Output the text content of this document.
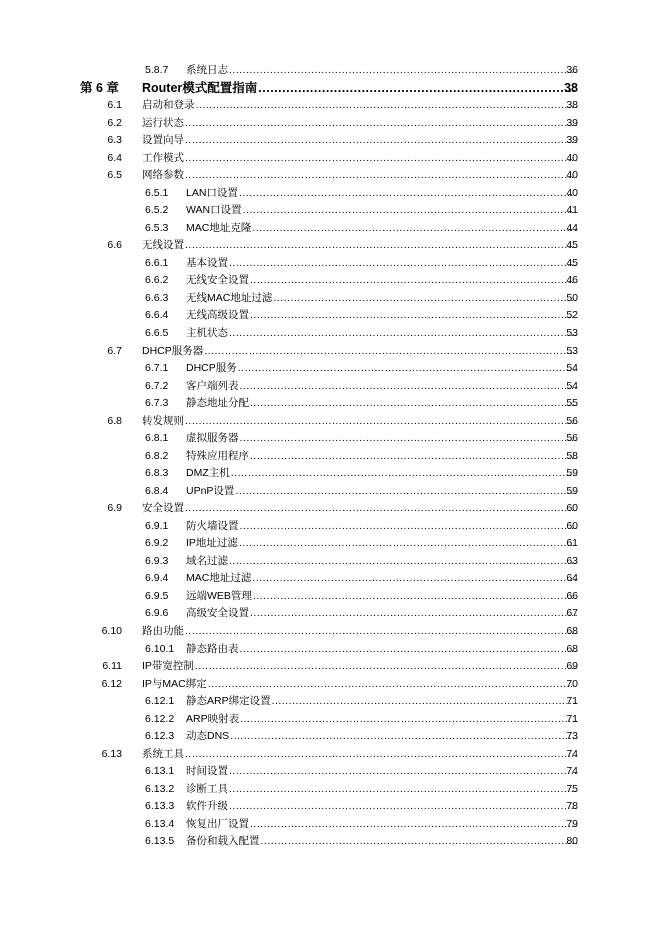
5.8.7 系统日志 .....	36
第 6 章	Router模式配置指南 .....	38
6.1 启动和登录 .....	38
6.2 运行状态 .....	39
6.3 设置向导 .....	39
6.4 工作模式 .....	40
6.5 网络参数 .....	40
6.5.1 LAN口设置 .....	40
6.5.2 WAN口设置 .....	41
6.5.3 MAC地址克隆 .....	44
6.6 无线设置 .....	45
6.6.1 基本设置 .....	45
6.6.2 无线安全设置 .....	46
6.6.3 无线MAC地址过滤 .....	50
6.6.4 无线高级设置 .....	52
6.6.5 主机状态 .....	53
6.7 DHCP服务器 .....	53
6.7.1 DHCP服务 .....	54
6.7.2 客户端列表 .....	54
6.7.3 静态地址分配 .....	55
6.8 转发规则 .....	56
6.8.1 虚拟服务器 .....	56
6.8.2 特殊应用程序 .....	58
6.8.3 DMZ主机 .....	59
6.8.4 UPnP设置 .....	59
6.9 安全设置 .....	60
6.9.1 防火墙设置 .....	60
6.9.2 IP地址过滤 .....	61
6.9.3 域名过滤 .....	63
6.9.4 MAC地址过滤 .....	64
6.9.5 远端WEB管理 .....	66
6.9.6 高级安全设置 .....	67
6.10 路由功能 .....	68
6.10.1 静态路由表 .....	68
6.11 IP带宽控制 .....	69
6.12 IP与MAC绑定 .....	70
6.12.1 静态ARP绑定设置 .....	71
6.12.2 ARP映射表 .....	71
6.12.3 动态DNS .....	73
6.13 系统工具 .....	74
6.13.1 时间设置 .....	74
6.13.2 诊断工具 .....	75
6.13.3 软件升级 .....	78
6.13.4 恢复出厂设置 .....	79
6.13.5 备份和载入配置 .....	80
